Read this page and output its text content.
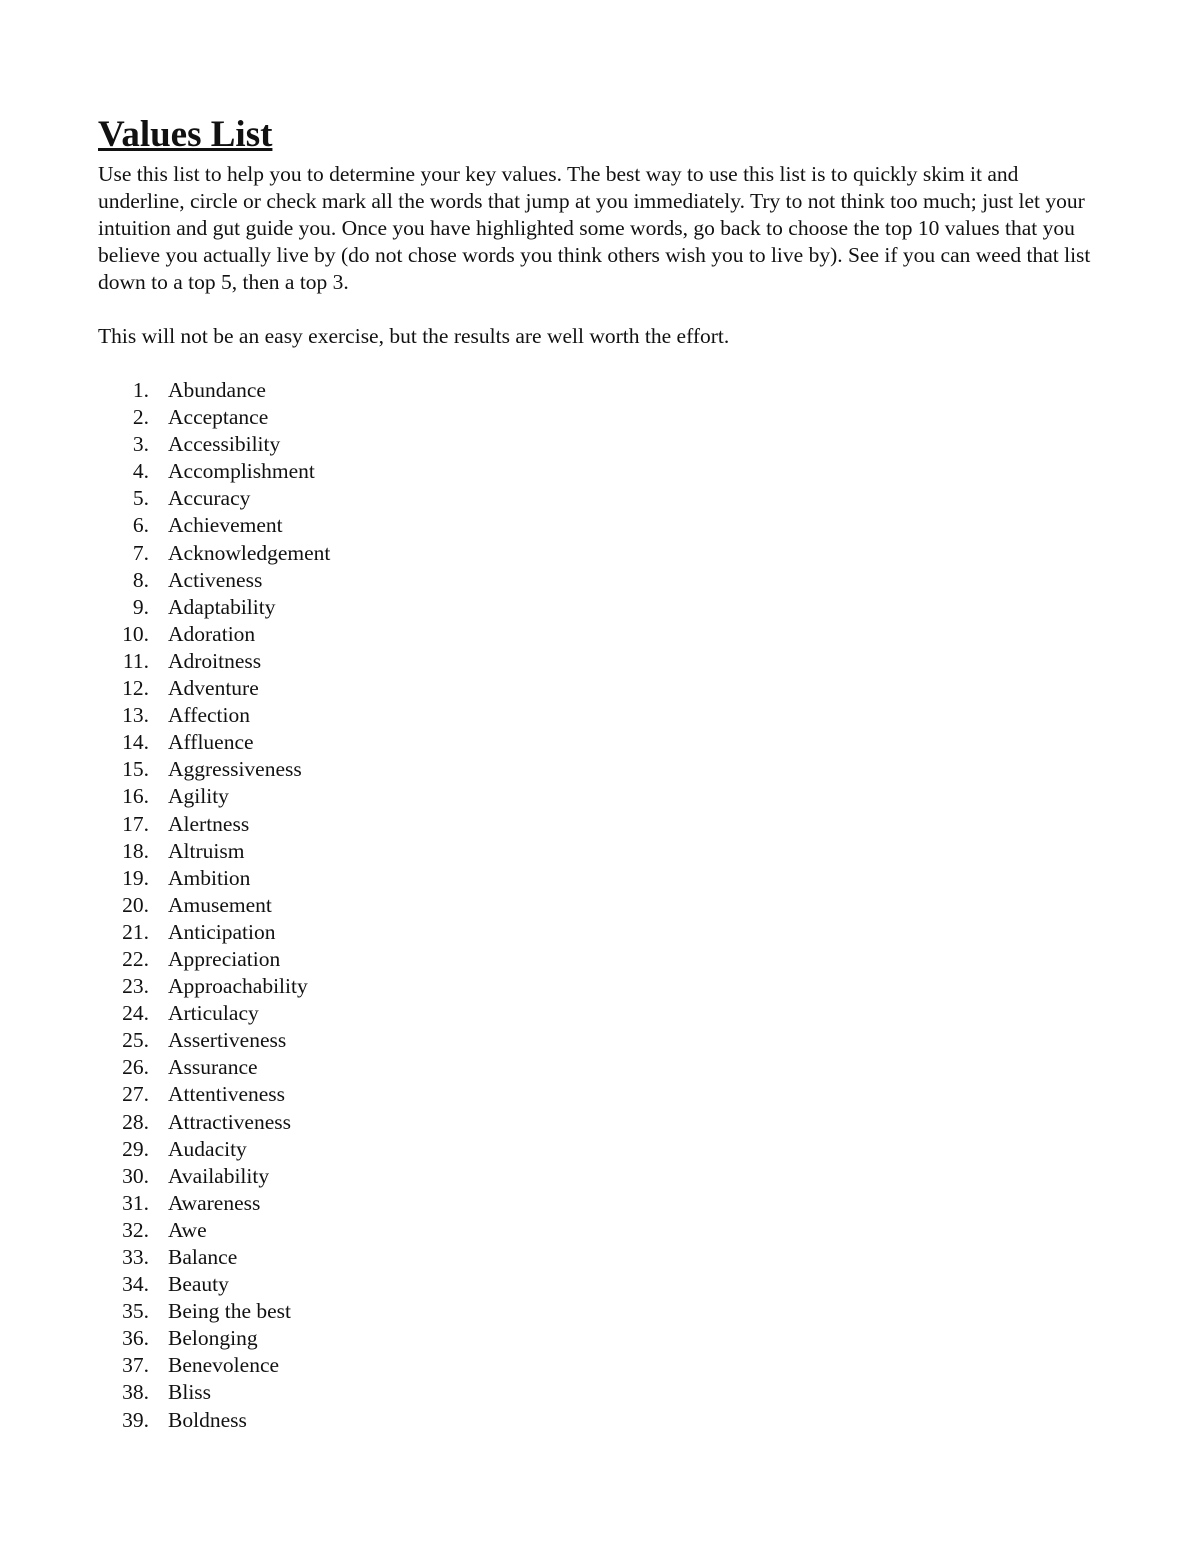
Values List

Use this list to help you to determine your key values. The best way to use this list is to quickly skim it and underline, circle or check mark all the words that jump at you immediately. Try to not think too much; just let your intuition and gut guide you. Once you have highlighted some words, go back to choose the top 10 values that you believe you actually live by (do not chose words you think others wish you to live by). See if you can weed that list down to a top 5, then a top 3.

This will not be an easy exercise, but the results are well worth the effort.

1. Abundance
2. Acceptance
3. Accessibility
4. Accomplishment
5. Accuracy
6. Achievement
7. Acknowledgement
8. Activeness
9. Adaptability
10. Adoration
11. Adroitness
12. Adventure
13. Affection
14. Affluence
15. Aggressiveness
16. Agility
17. Alertness
18. Altruism
19. Ambition
20. Amusement
21. Anticipation
22. Appreciation
23. Approachability
24. Articulacy
25. Assertiveness
26. Assurance
27. Attentiveness
28. Attractiveness
29. Audacity
30. Availability
31. Awareness
32. Awe
33. Balance
34. Beauty
35. Being the best
36. Belonging
37. Benevolence
38. Bliss
39. Boldness
